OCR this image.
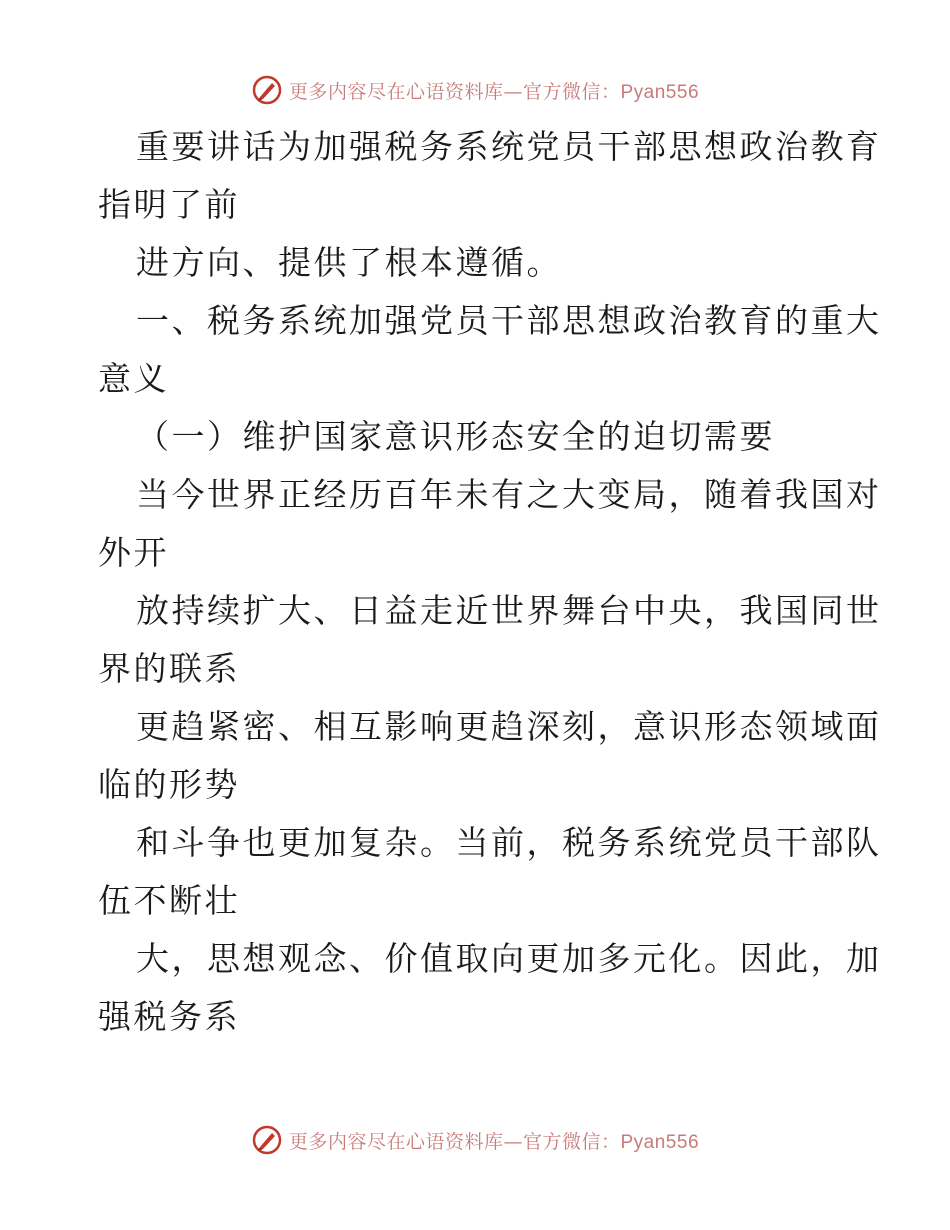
更多内容尽在心语资料库—官方微信：Pyan556
重要讲话为加强税务系统党员干部思想政治教育
指明了前
进方向、提供了根本遵循。
一、税务系统加强党员干部思想政治教育的重大
意义
（一）维护国家意识形态安全的迫切需要
当今世界正经历百年未有之大变局，随着我国对
外开
放持续扩大、日益走近世界舞台中央，我国同世
界的联系
更趋紧密、相互影响更趋深刻，意识形态领域面
临的形势
和斗争也更加复杂。当前，税务系统党员干部队
伍不断壮
大，思想观念、价值取向更加多元化。因此，加
强税务系
更多内容尽在心语资料库—官方微信：Pyan556
